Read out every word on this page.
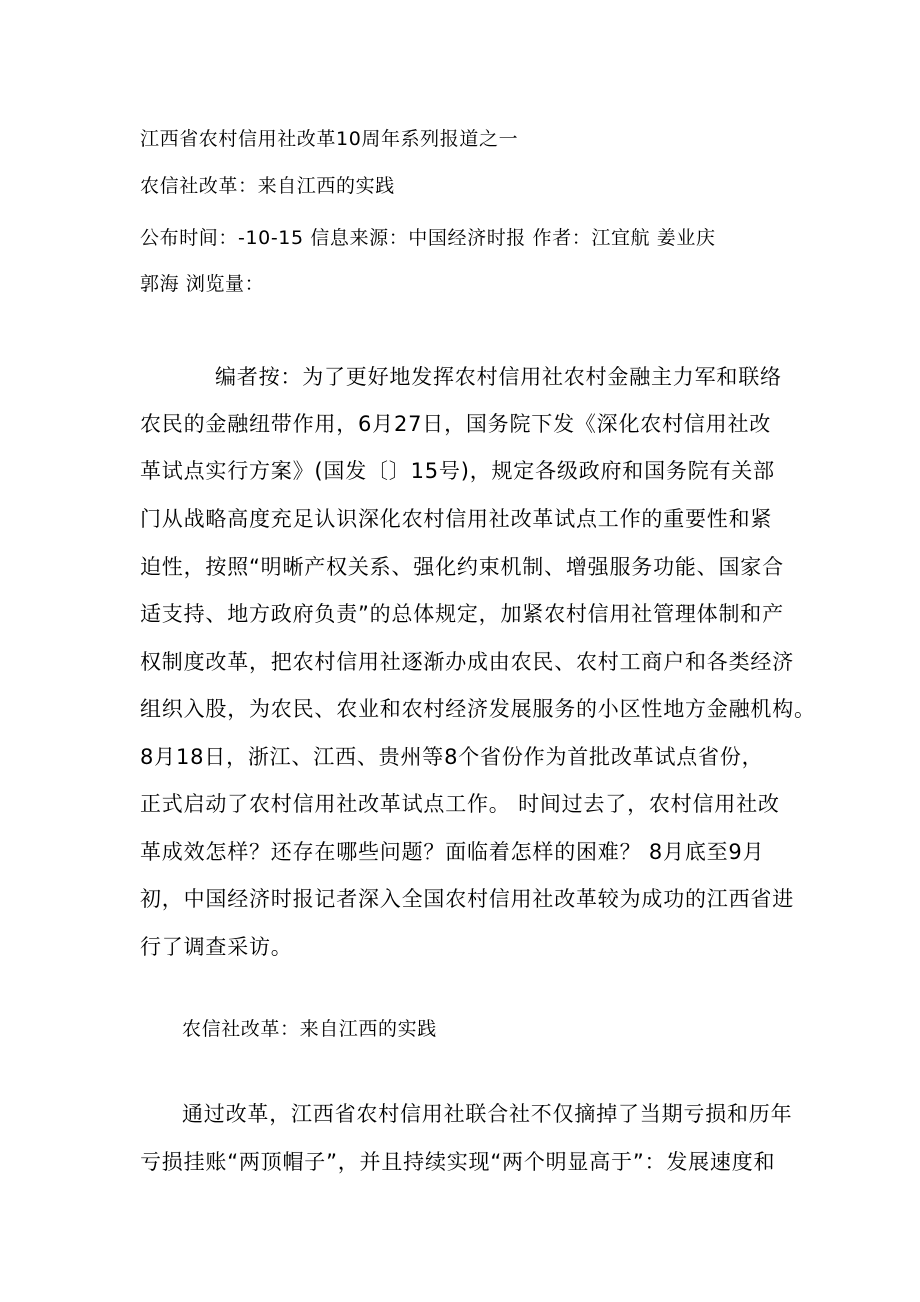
江西省农村信用社改革10周年系列报道之一
农信社改革：来自江西的实践
公布时间：-10-15 信息来源：中国经济时报 作者：江宜航 姜业庆
郭海 浏览量：
编者按：为了更好地发挥农村信用社农村金融主力军和联络
农民的金融纽带作用，6月27日，国务院下发《深化农村信用社改
革试点实行方案》(国发〔〕15号)，规定各级政府和国务院有关部
门从战略高度充足认识深化农村信用社改革试点工作的重要性和紧
迫性，按照“明晰产权关系、强化约束机制、增强服务功能、国家合
适支持、地方政府负责”的总体规定，加紧农村信用社管理体制和产
权制度改革，把农村信用社逐渐办成由农民、农村工商户和各类经济
组织入股，为农民、农业和农村经济发展服务的小区性地方金融机构。
8月18日，浙江、江西、贵州等8个省份作为首批改革试点省份，
正式启动了农村信用社改革试点工作。 时间过去了，农村信用社改
革成效怎样？还存在哪些问题？面临着怎样的困难？ 8月底至9月
初，中国经济时报记者深入全国农村信用社改革较为成功的江西省进
行了调查采访。
农信社改革：来自江西的实践
通过改革，江西省农村信用社联合社不仅摘掉了当期亏损和历年
亏损挂账“两顶帽子”，并且持续实现“两个明显高于”：发展速度和
